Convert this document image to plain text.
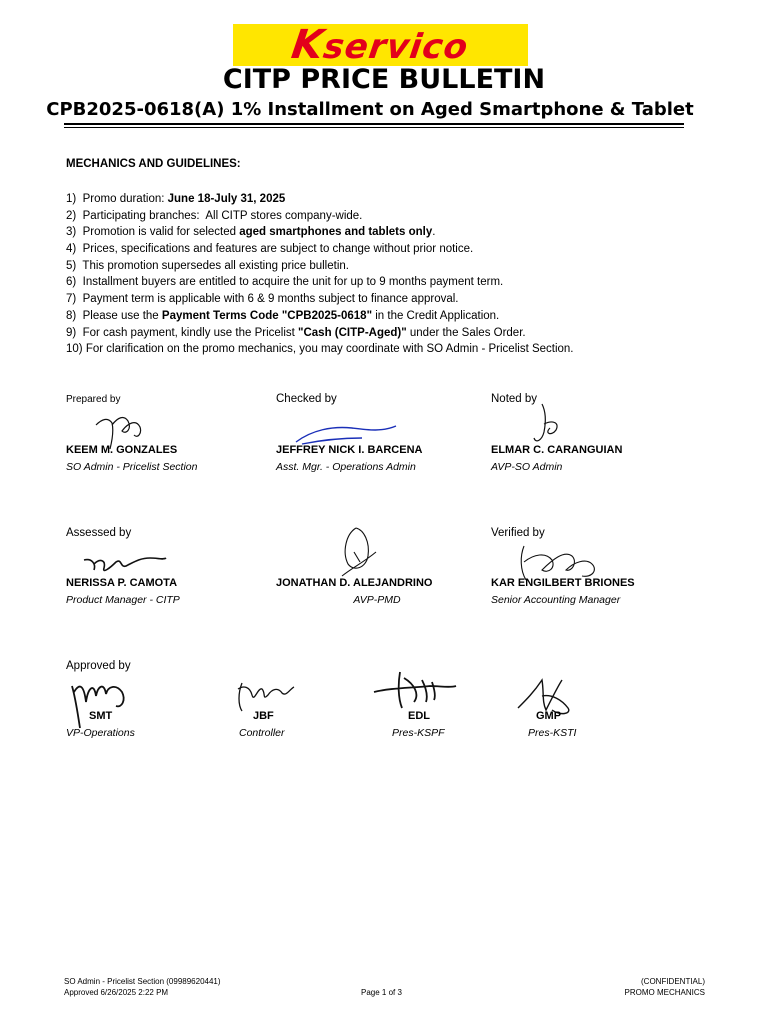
Kservico
CITP PRICE BULLETIN
CPB2025-0618(A) 1% Installment on Aged Smartphone & Tablet
MECHANICS AND GUIDELINES:
1)  Promo duration: June 18-July 31, 2025
2)  Participating branches:  All CITP stores company-wide.
3)  Promotion is valid for selected aged smartphones and tablets only.
4)  Prices, specifications and features are subject to change without prior notice.
5)  This promotion supersedes all existing price bulletin.
6)  Installment buyers are entitled to acquire the unit for up to 9 months payment term.
7)  Payment term is applicable with 6 & 9 months subject to finance approval.
8)  Please use the Payment Terms Code "CPB2025-0618" in the Credit Application.
9)  For cash payment, kindly use the Pricelist "Cash (CITP-Aged)" under the Sales Order.
10) For clarification on the promo mechanics, you may coordinate with SO Admin - Pricelist Section.
Prepared by	Checked by	Noted by
KEEM M. GONZALES
SO Admin - Pricelist Section
JEFFREY NICK I. BARCENA
Asst. Mgr. - Operations Admin
ELMAR C. CARANGUIAN
AVP-SO Admin
Assessed by	Verified by
NERISSA P. CAMOTA
Product Manager - CITP
JONATHAN D. ALEJANDRINO
AVP-PMD
KAR ENGILBERT BRIONES
Senior Accounting Manager
Approved by
SMT
VP-Operations
JBF
Controller
EDL
Pres-KSPF
GMP
Pres-KSTI
SO Admin - Pricelist Section (09989620441)
Approved 6/26/2025 2:22 PM	Page 1 of 3
(CONFIDENTIAL)
PROMO MECHANICS
